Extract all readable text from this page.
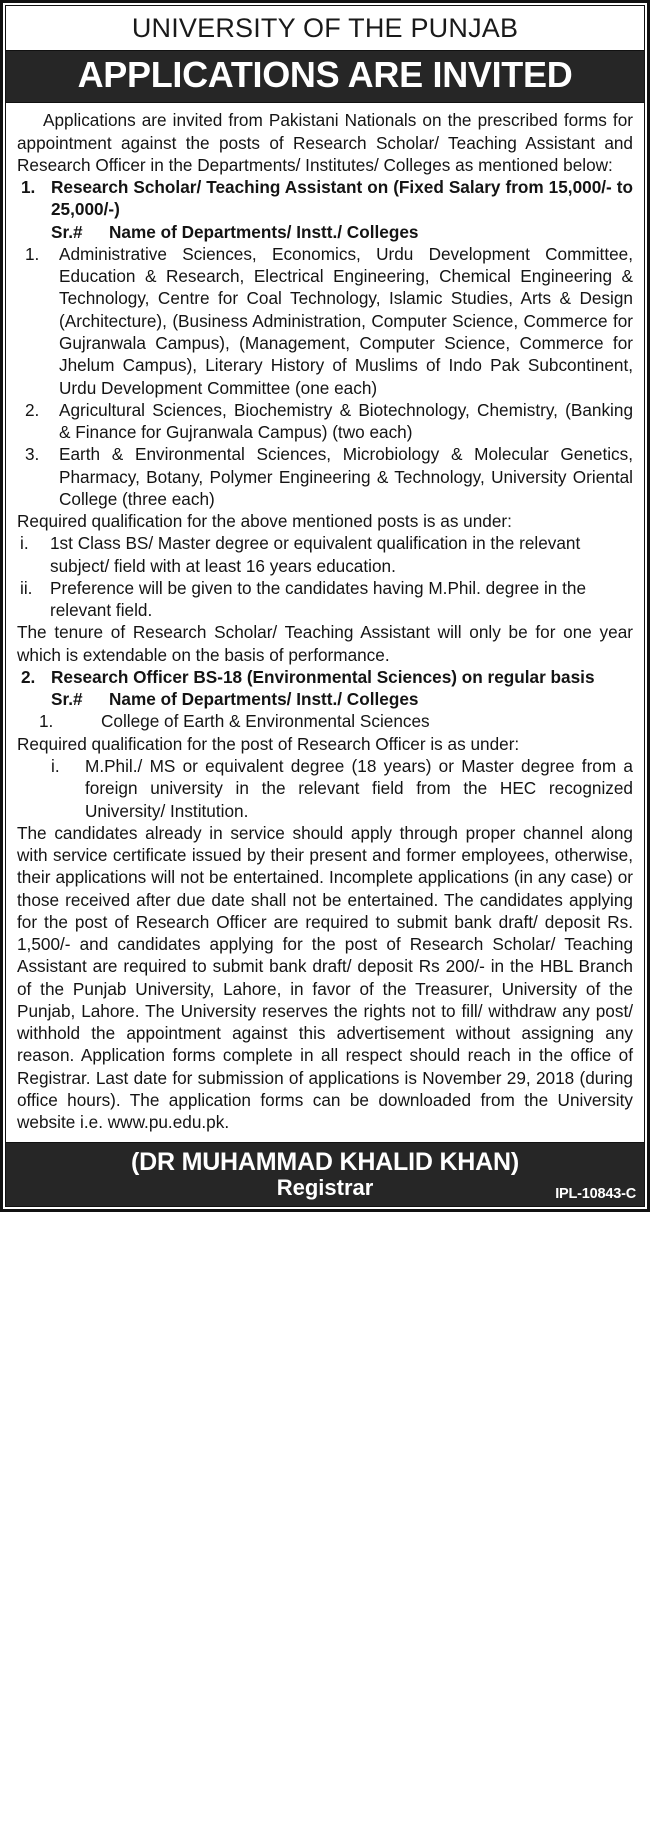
UNIVERSITY OF THE PUNJAB
APPLICATIONS ARE INVITED

Applications are invited from Pakistani Nationals on the prescribed forms for appointment against the posts of Research Scholar/ Teaching Assistant and Research Officer in the Departments/ Institutes/ Colleges as mentioned below:

1. Research Scholar/ Teaching Assistant on (Fixed Salary from 15,000/- to 25,000/-)
Sr.# Name of Departments/ Instt./ Colleges
1.	Administrative Sciences, Economics, Urdu Development Committee, Education & Research, Electrical Engineering, Chemical Engineering & Technology, Centre for Coal Technology, Islamic Studies, Arts & Design (Architecture), (Business Administration, Computer Science, Commerce for Gujranwala Campus), (Management, Computer Science, Commerce for Jhelum Campus), Literary History of Muslims of Indo Pak Subcontinent, Urdu Development Committee (one each)
2.	Agricultural Sciences, Biochemistry & Biotechnology, Chemistry, (Banking & Finance for Gujranwala Campus) (two each)
3.	Earth & Environmental Sciences, Microbiology & Molecular Genetics, Pharmacy, Botany, Polymer Engineering & Technology, University Oriental College (three each)

Required qualification for the above mentioned posts is as under:

i.	1st Class BS/ Master degree or equivalent qualification in the relevant subject/ field with at least 16 years education.
ii.	Preference will be given to the candidates having M.Phil. degree in the relevant field.

The tenure of Research Scholar/ Teaching Assistant will only be for one year which is extendable on the basis of performance.

2. Research Officer BS-18 (Environmental Sciences) on regular basis
Sr.# Name of Departments/ Instt./ Colleges
1.	College of Earth & Environmental Sciences

Required qualification for the post of Research Officer is as under:

i.	M.Phil./ MS or equivalent degree (18 years) or Master degree from a foreign university in the relevant field from the HEC recognized University/ Institution.

The candidates already in service should apply through proper channel along with service certificate issued by their present and former employees, otherwise, their applications will not be entertained. Incomplete applications (in any case) or those received after due date shall not be entertained. The candidates applying for the post of Research Officer are required to submit bank draft/ deposit Rs. 1,500/- and candidates applying for the post of Research Scholar/ Teaching Assistant are required to submit bank draft/ deposit Rs 200/- in the HBL Branch of the Punjab University, Lahore, in favor of the Treasurer, University of the Punjab, Lahore. The University reserves the rights not to fill/ withdraw any post/ withhold the appointment against this advertisement without assigning any reason. Application forms complete in all respect should reach in the office of Registrar. Last date for submission of applications is November 29, 2018 (during office hours). The application forms can be downloaded from the University website i.e. www.pu.edu.pk.

(DR MUHAMMAD KHALID KHAN)
Registrar	IPL-10843-C
